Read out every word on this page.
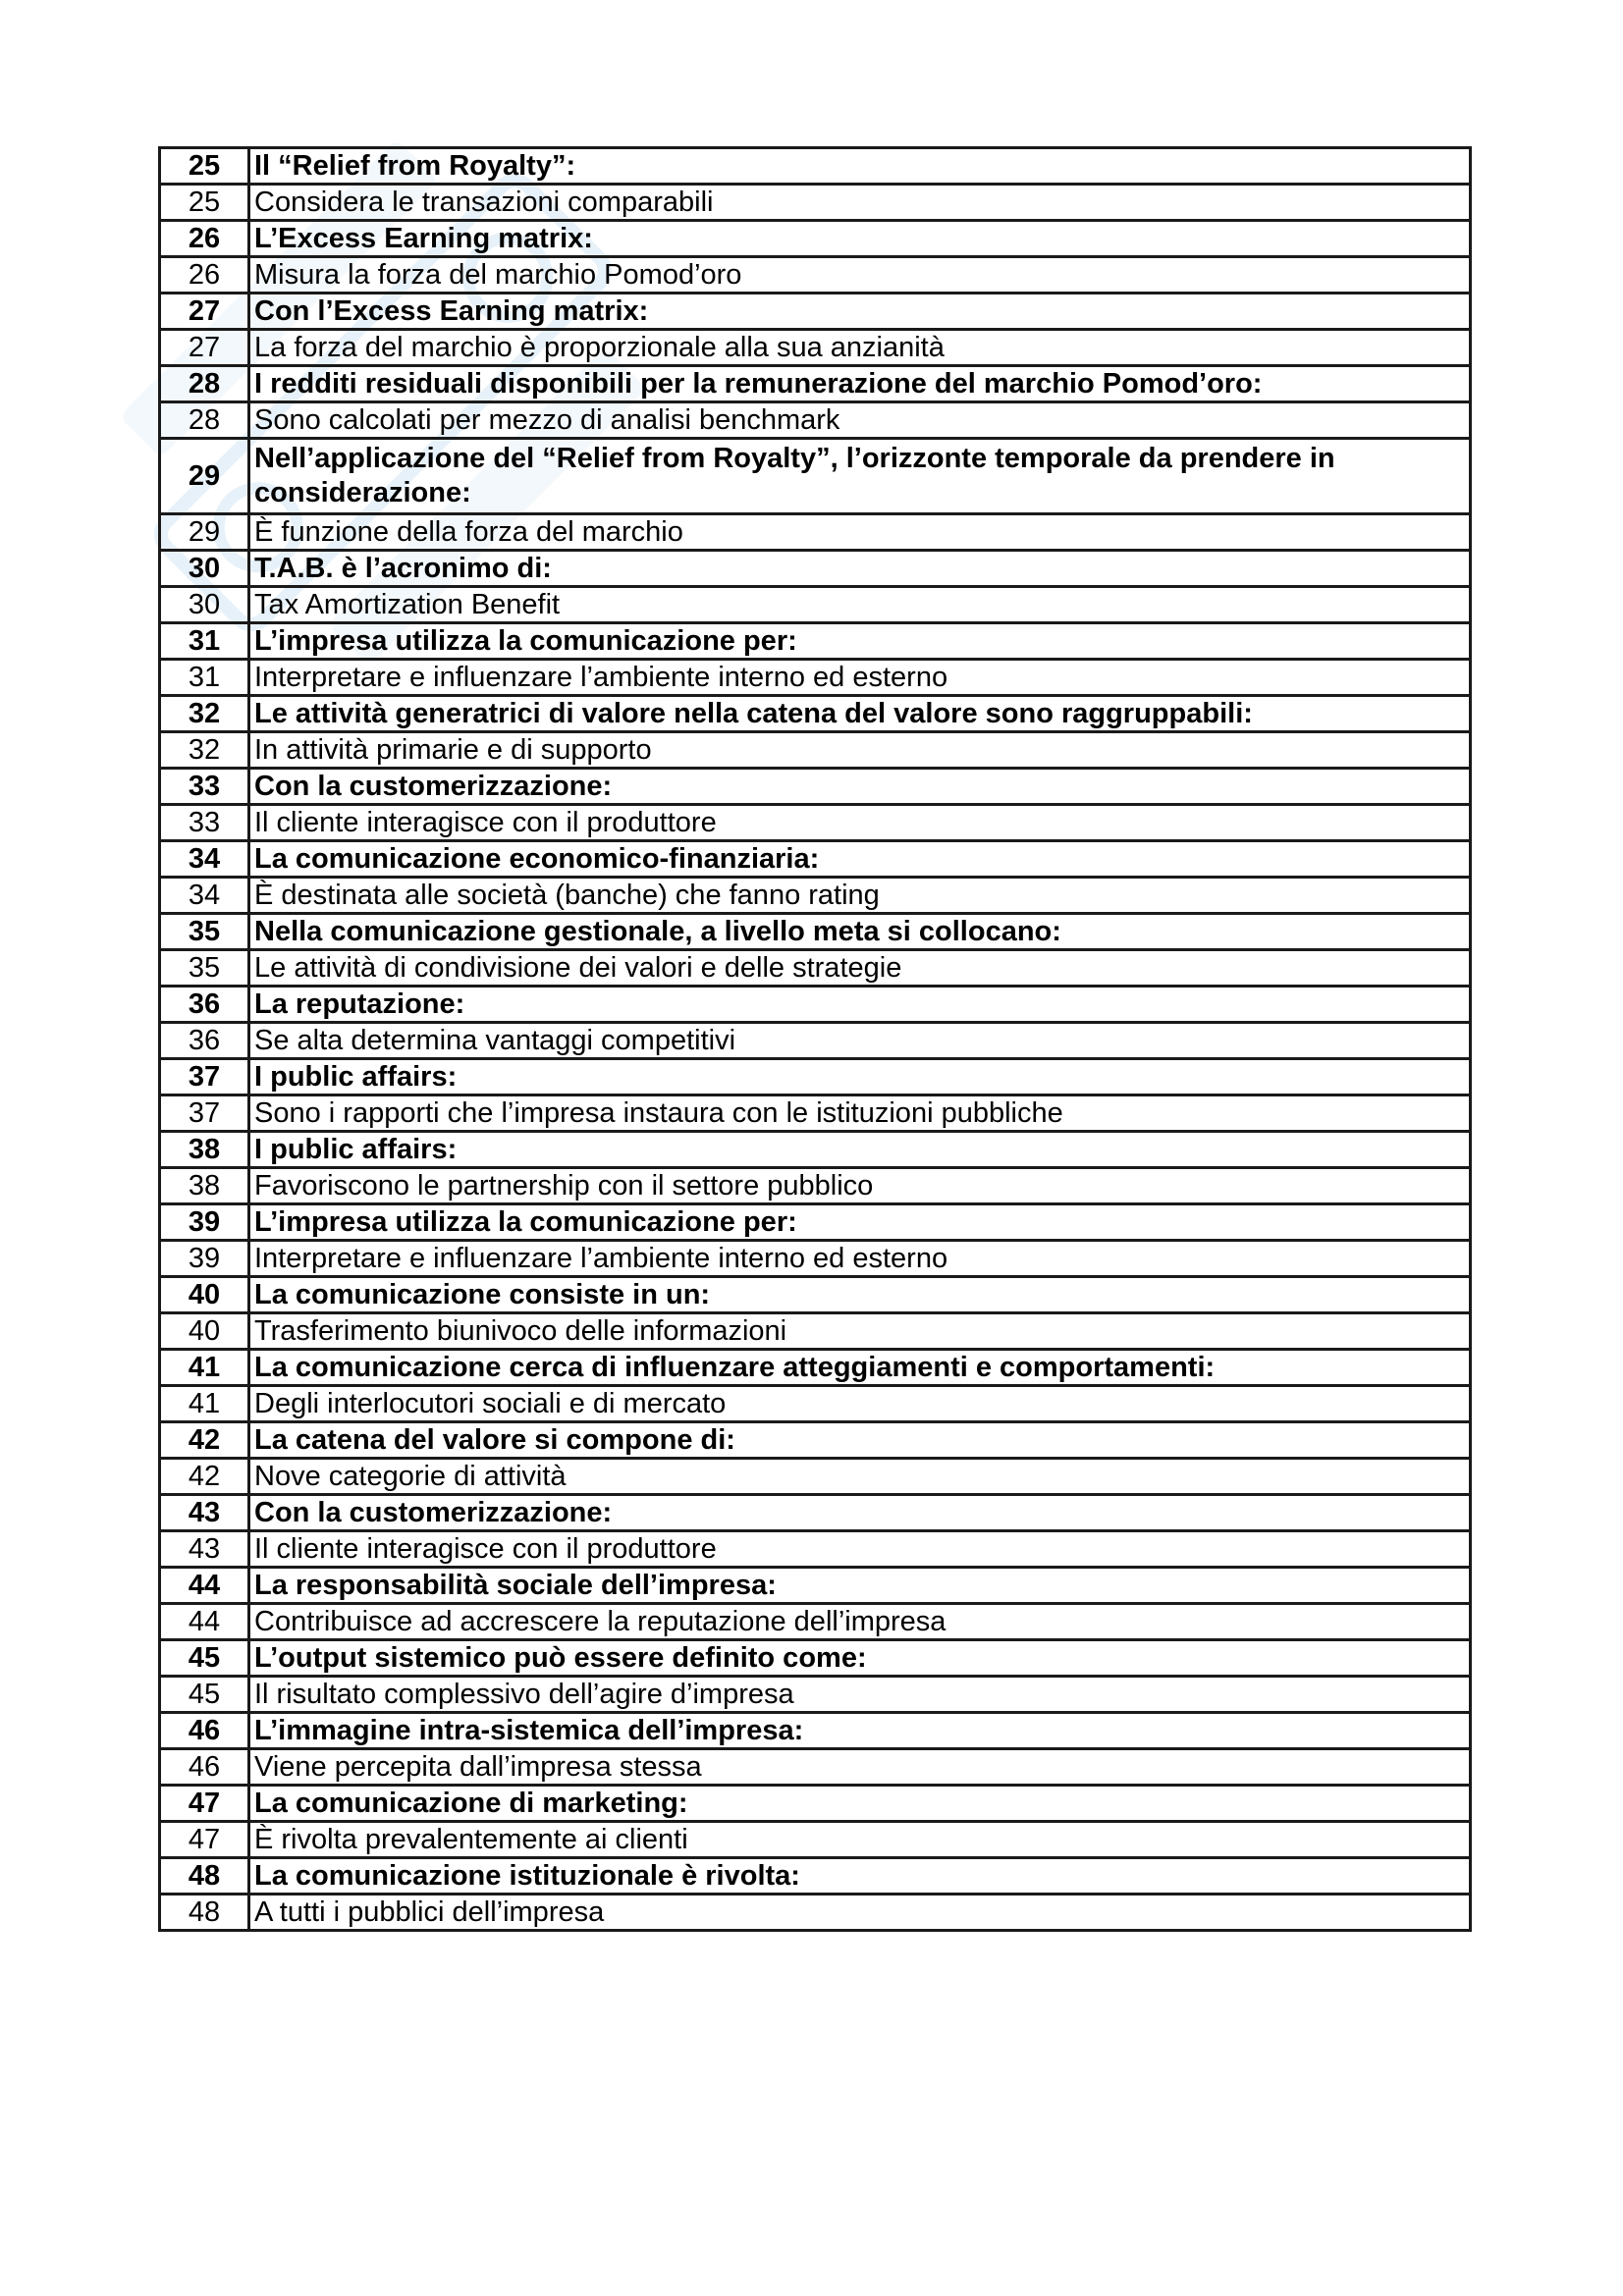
25	Il “Relief from Royalty”:
25	Considera le transazioni comparabili
26	L’Excess Earning matrix:
26	Misura la forza del marchio Pomod’oro
27	Con l’Excess Earning matrix:
27	La forza del marchio è proporzionale alla sua anzianità
28	I redditi residuali disponibili per la remunerazione del marchio Pomod’oro:
28	Sono calcolati per mezzo di analisi benchmark
29	Nell’applicazione del “Relief from Royalty”, l’orizzonte temporale da prendere in considerazione:
29	È funzione della forza del marchio
30	T.A.B. è l’acronimo di:
30	Tax Amortization Benefit
31	L’impresa utilizza la comunicazione per:
31	Interpretare e influenzare l’ambiente interno ed esterno
32	Le attività generatrici di valore nella catena del valore sono raggruppabili:
32	In attività primarie e di supporto
33	Con la customerizzazione:
33	Il cliente interagisce con il produttore
34	La comunicazione economico-finanziaria:
34	È destinata alle società (banche) che fanno rating
35	Nella comunicazione gestionale, a livello meta si collocano:
35	Le attività di condivisione dei valori e delle strategie
36	La reputazione:
36	Se alta determina vantaggi competitivi
37	I public affairs:
37	Sono i rapporti che l’impresa instaura con le istituzioni pubbliche
38	I public affairs:
38	Favoriscono le partnership con il settore pubblico
39	L’impresa utilizza la comunicazione per:
39	Interpretare e influenzare l’ambiente interno ed esterno
40	La comunicazione consiste in un:
40	Trasferimento biunivoco delle informazioni
41	La comunicazione cerca di influenzare atteggiamenti e comportamenti:
41	Degli interlocutori sociali e di mercato
42	La catena del valore si compone di:
42	Nove categorie di attività
43	Con la customerizzazione:
43	Il cliente interagisce con il produttore
44	La responsabilità sociale dell’impresa:
44	Contribuisce ad accrescere la reputazione dell’impresa
45	L’output sistemico può essere definito come:
45	Il risultato complessivo dell’agire d’impresa
46	L’immagine intra-sistemica dell’impresa:
46	Viene percepita dall’impresa stessa
47	La comunicazione di marketing:
47	È rivolta prevalentemente ai clienti
48	La comunicazione istituzionale è rivolta:
48	A tutti i pubblici dell’impresa
